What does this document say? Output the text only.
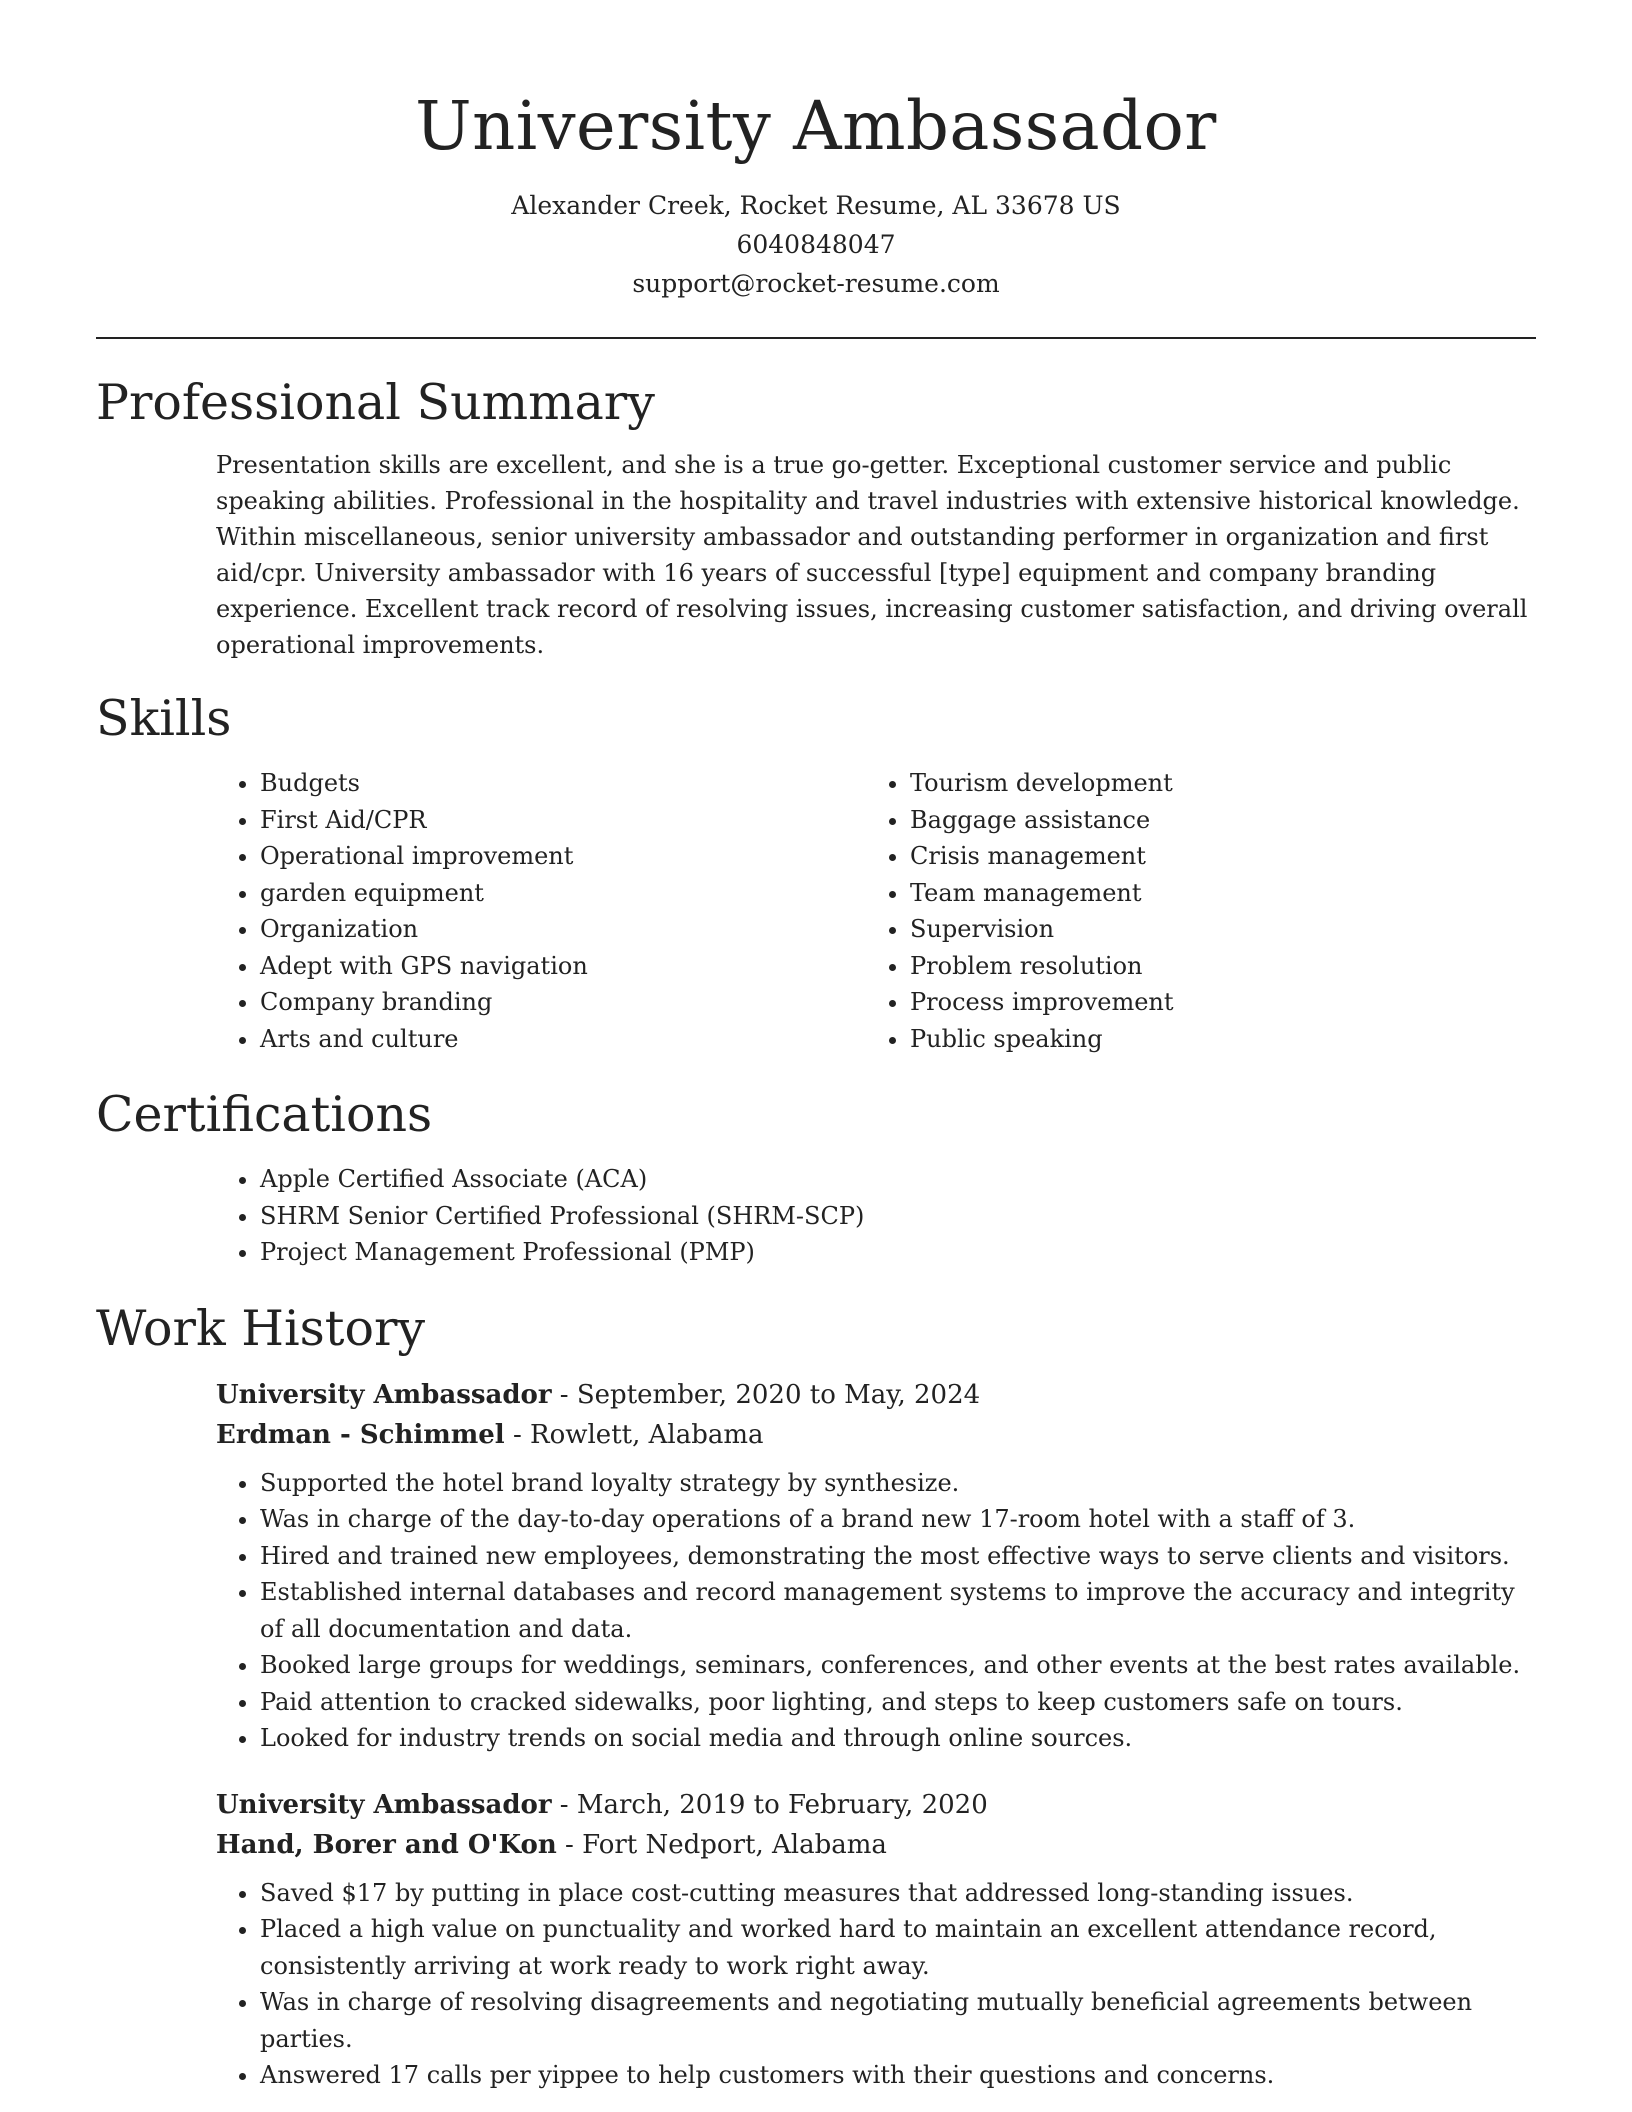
University Ambassador

Alexander Creek, Rocket Resume, AL 33678 US

6040848047

support@rocket-resume.com

Professional Summary

Presentation skills are excellent, and she is a true go-getter. Exceptional customer service and public speaking abilities. Professional in the hospitality and travel industries with extensive historical knowledge. Within miscellaneous, senior university ambassador and outstanding performer in organization and first aid/cpr. University ambassador with 16 years of successful [type] equipment and company branding experience. Excellent track record of resolving issues, increasing customer satisfaction, and driving overall operational improvements.

Skills
• Budgets
• First Aid/CPR
• Operational improvement
• garden equipment
• Organization
• Adept with GPS navigation
• Company branding
• Arts and culture
• Tourism development
• Baggage assistance
• Crisis management
• Team management
• Supervision
• Problem resolution
• Process improvement
• Public speaking
Certifications
• Apple Certified Associate (ACA)
• SHRM Senior Certified Professional (SHRM-SCP)
• Project Management Professional (PMP)
Work History
University Ambassador - September, 2020 to May, 2024
Erdman - Schimmel - Rowlett, Alabama
• Supported the hotel brand loyalty strategy by synthesize.
• Was in charge of the day-to-day operations of a brand new 17-room hotel with a staff of 3.
• Hired and trained new employees, demonstrating the most effective ways to serve clients and visitors.
• Established internal databases and record management systems to improve the accuracy and integrity of all documentation and data.
• Booked large groups for weddings, seminars, conferences, and other events at the best rates available.
• Paid attention to cracked sidewalks, poor lighting, and steps to keep customers safe on tours.
• Looked for industry trends on social media and through online sources.
University Ambassador - March, 2019 to February, 2020
Hand, Borer and O'Kon - Fort Nedport, Alabama
• Saved $17 by putting in place cost-cutting measures that addressed long-standing issues.
• Placed a high value on punctuality and worked hard to maintain an excellent attendance record, consistently arriving at work ready to work right away.
• Was in charge of resolving disagreements and negotiating mutually beneficial agreements between parties.
• Answered 17 calls per yippee to help customers with their questions and concerns.
